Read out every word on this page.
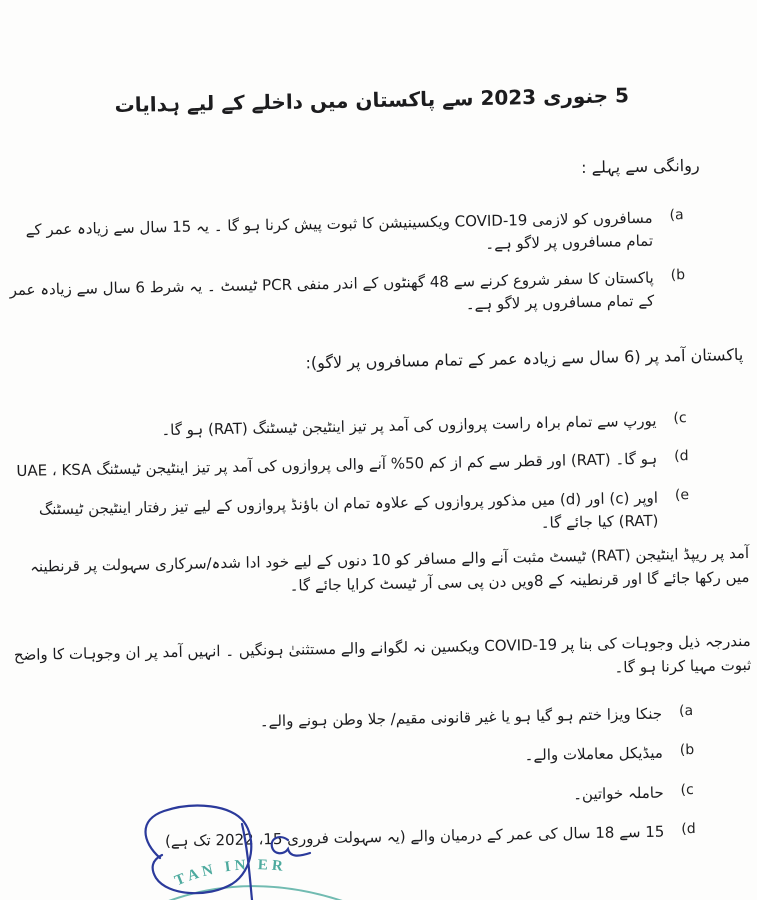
5 جنوری 2023 سے پاکستان میں داخلے کے لیے ہدایات
روانگی سے پہلے :
(a
مسافروں کو لازمی COVID-19 ویکسینیشن کا ثبوت پیش کرنا ہو گا ۔ یہ 15 سال سے زیادہ عمر کے تمام مسافروں پر لاگو ہے۔
(b
پاکستان کا سفر شروع کرنے سے 48 گھنٹوں کے اندر منفی PCR ٹیسٹ ۔ یہ شرط 6 سال سے زیادہ عمر کے تمام مسافروں پر لاگو ہے۔
پاکستان آمد پر (6 سال سے زیادہ عمر کے تمام مسافروں پر لاگو):
(c
یورپ سے تمام براہ راست پروازوں کی آمد پر تیز اینٹیجن ٹیسٹنگ (RAT) ہو گا۔
(d
UAE‎ ، KSA‎ اور قطر سے کم از کم 50% آنے والی پروازوں کی آمد پر تیز اینٹیجن ٹیسٹنگ (RAT) ہو گا۔
(e
اوپر (c) اور (d) میں مذکور پروازوں کے علاوہ تمام ان باؤنڈ پروازوں کے لیے تیز رفتار اینٹیجن ٹیسٹنگ (RAT) کیا جائے گا۔
آمد پر ریپڈ اینٹیجن (RAT) ٹیسٹ مثبت آنے والے مسافر کو 10 دنوں کے لیے خود ادا شدہ/سرکاری سہولت پر قرنطینہ میں رکھا جائے گا اور قرنطینہ کے 8ویں دن پی سی آر ٹیسٹ کرایا جائے گا۔
مندرجہ ذیل وجوہات کی بنا پر COVID-19 ویکسین نہ لگوانے والے مستثنیٰ ہونگیں ۔ انہیں آمد پر ان وجوہات کا واضح ثبوت مہیا کرنا ہو گا۔
(a
جنکا ویزا ختم ہو گیا ہو یا غیر قانونی مقیم/ جلا وطن ہونے والے۔
(b
میڈیکل معاملات والے۔
(c
حاملہ خواتین۔
(d
15 سے 18 سال کی عمر کے درمیان والے (یہ سہولت فروری 15، 2022 تک ہے)
TAN IN ER
